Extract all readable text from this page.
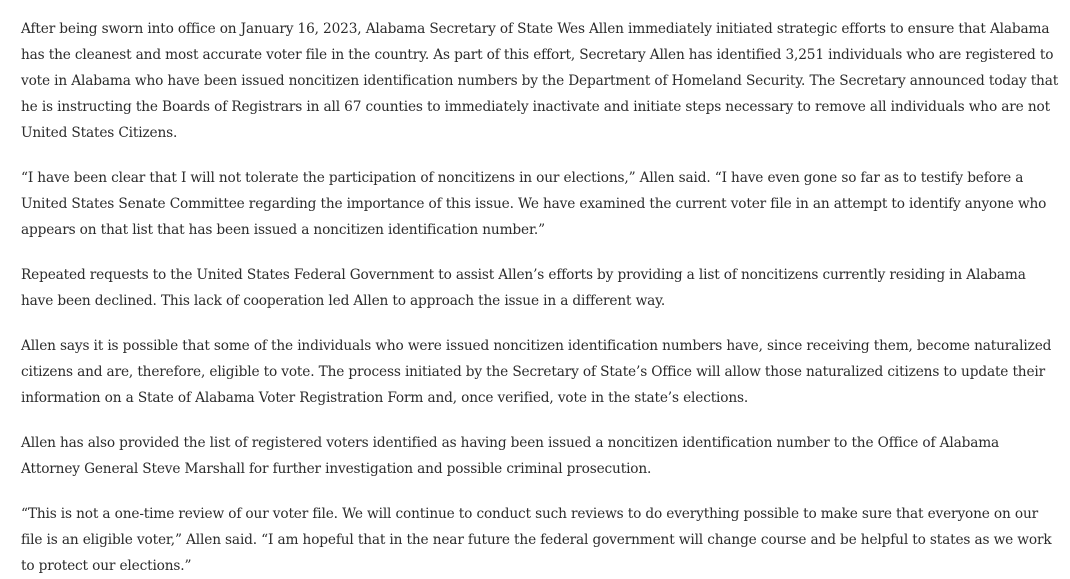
After being sworn into office on January 16, 2023, Alabama Secretary of State Wes Allen immediately initiated strategic efforts to ensure that Alabama has the cleanest and most accurate voter file in the country. As part of this effort, Secretary Allen has identified 3,251 individuals who are registered to vote in Alabama who have been issued noncitizen identification numbers by the Department of Homeland Security. The Secretary announced today that he is instructing the Boards of Registrars in all 67 counties to immediately inactivate and initiate steps necessary to remove all individuals who are not United States Citizens.

“I have been clear that I will not tolerate the participation of noncitizens in our elections,” Allen said. “I have even gone so far as to testify before a United States Senate Committee regarding the importance of this issue. We have examined the current voter file in an attempt to identify anyone who appears on that list that has been issued a noncitizen identification number.”

Repeated requests to the United States Federal Government to assist Allen’s efforts by providing a list of noncitizens currently residing in Alabama have been declined. This lack of cooperation led Allen to approach the issue in a different way.

Allen says it is possible that some of the individuals who were issued noncitizen identification numbers have, since receiving them, become naturalized citizens and are, therefore, eligible to vote. The process initiated by the Secretary of State’s Office will allow those naturalized citizens to update their information on a State of Alabama Voter Registration Form and, once verified, vote in the state’s elections.

Allen has also provided the list of registered voters identified as having been issued a noncitizen identification number to the Office of Alabama Attorney General Steve Marshall for further investigation and possible criminal prosecution.

“This is not a one-time review of our voter file. We will continue to conduct such reviews to do everything possible to make sure that everyone on our file is an eligible voter,” Allen said. “I am hopeful that in the near future the federal government will change course and be helpful to states as we work to protect our elections.”
